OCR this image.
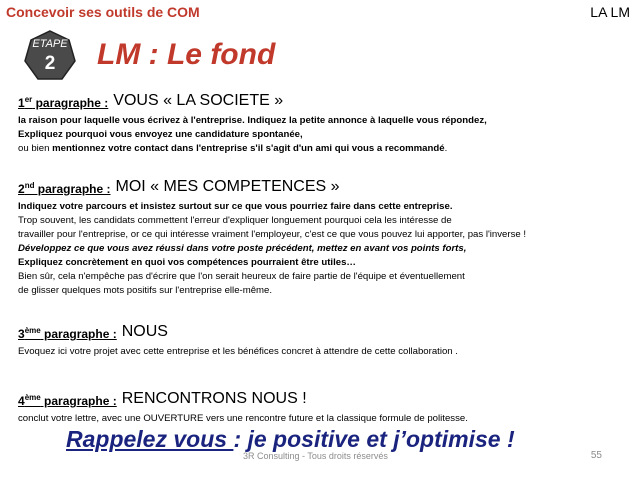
Concevoir ses outils de COM	LA LM
ETAPE
2	LM : Le fond
1er paragraphe : VOUS « LA SOCIETE »
la raison pour laquelle vous écrivez à l'entreprise. Indiquez la petite annonce à laquelle vous répondez,
Expliquez pourquoi vous envoyez une candidature spontanée,
ou bien mentionnez votre contact dans l'entreprise s'il s'agit d'un ami qui vous a recommandé.
2nd paragraphe : MOI « MES COMPETENCES »
Indiquez votre parcours et insistez surtout sur ce que vous pourriez faire dans cette entreprise.
Trop souvent, les candidats commettent l'erreur d'expliquer longuement pourquoi cela les intéresse de
travailler pour l'entreprise, or ce qui intéresse vraiment l'employeur, c'est ce que vous pouvez lui apporter, pas l'inverse !
Développez ce que vous avez réussi dans votre poste précédent, mettez en avant vos points forts,
Expliquez concrètement en quoi vos compétences pourraient être utiles…
Bien sûr, cela n'empêche pas d'écrire que l'on serait heureux de faire partie de l'équipe et éventuellement
de glisser quelques mots positifs sur l'entreprise elle-même.
3ème paragraphe : NOUS
Evoquez ici votre projet avec cette entreprise et les bénéfices concret à attendre de cette collaboration .
4ème paragraphe : RENCONTRONS NOUS !
conclut votre lettre, avec une OUVERTURE vers une rencontre future et la classique formule de politesse.
Rappelez vous : je positive et j’optimise !
3R Consulting - Tous droits réservés	55
